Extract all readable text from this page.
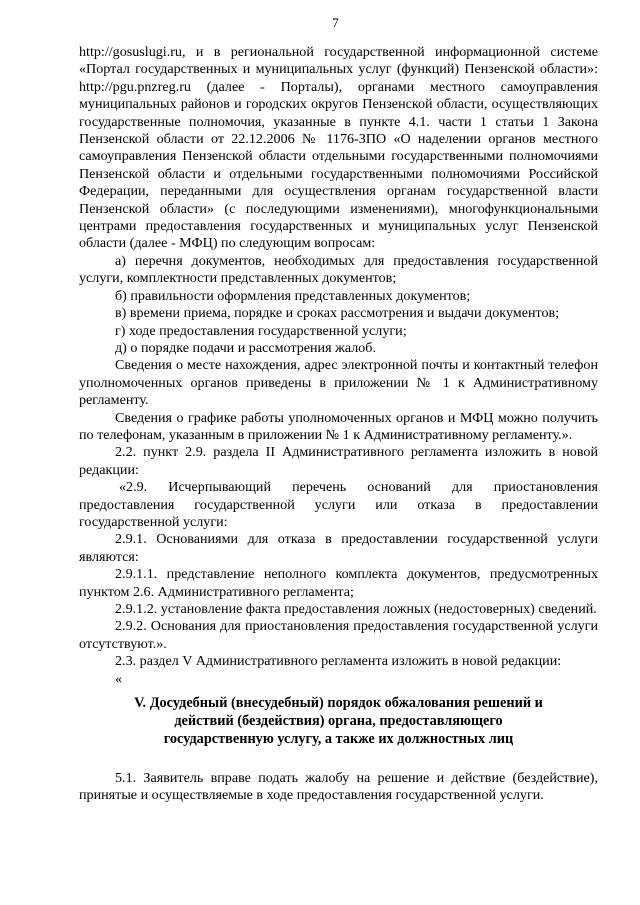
7

http://gosuslugi.ru, и в региональной государственной информационной системе «Портал государственных и муниципальных услуг (функций) Пензенской области»: http://pgu.pnzreg.ru (далее - Порталы), органами местного самоуправления муниципальных районов и городских округов Пензенской области, осуществляющих государственные полномочия, указанные в пункте 4.1. части 1 статьи 1 Закона Пензенской области от 22.12.2006 № 1176-ЗПО «О наделении органов местного самоуправления Пензенской области отдельными государственными полномочиями Пензенской области и отдельными государственными полномочиями Российской Федерации, переданными для осуществления органам государственной власти Пензенской области» (с последующими изменениями), многофункциональными центрами предоставления государственных и муниципальных услуг Пензенской области (далее - МФЦ) по следующим вопросам:

а) перечня документов, необходимых для предоставления государственной услуги, комплектности представленных документов;

б) правильности оформления представленных документов;

в) времени приема, порядке и сроках рассмотрения и выдачи документов;

г) ходе предоставления государственной услуги;

д) о порядке подачи и рассмотрения жалоб.

Сведения о месте нахождения, адрес электронной почты и контактный телефон уполномоченных органов приведены в приложении № 1 к Административному регламенту.

Сведения о графике работы уполномоченных органов и МФЦ можно получить по телефонам, указанным в приложении № 1 к Административному регламенту.».

2.2. пункт 2.9. раздела II Административного регламента изложить в новой редакции:

«2.9. Исчерпывающий перечень оснований для приостановления предоставления государственной услуги или отказа в предоставлении государственной услуги:

2.9.1. Основаниями для отказа в предоставлении государственной услуги являются:

2.9.1.1. представление неполного комплекта документов, предусмотренных пунктом 2.6. Административного регламента;

2.9.1.2. установление факта предоставления ложных (недостоверных) сведений.

2.9.2. Основания для приостановления предоставления государственной услуги отсутствуют.».

2.3. раздел V Административного регламента изложить в новой редакции:

«

V. Досудебный (внесудебный) порядок обжалования решений и
действий (бездействия) органа, предоставляющего
государственную услугу, а также их должностных лиц

5.1. Заявитель вправе подать жалобу на решение и действие (бездействие), принятые и осуществляемые в ходе предоставления государственной услуги.
